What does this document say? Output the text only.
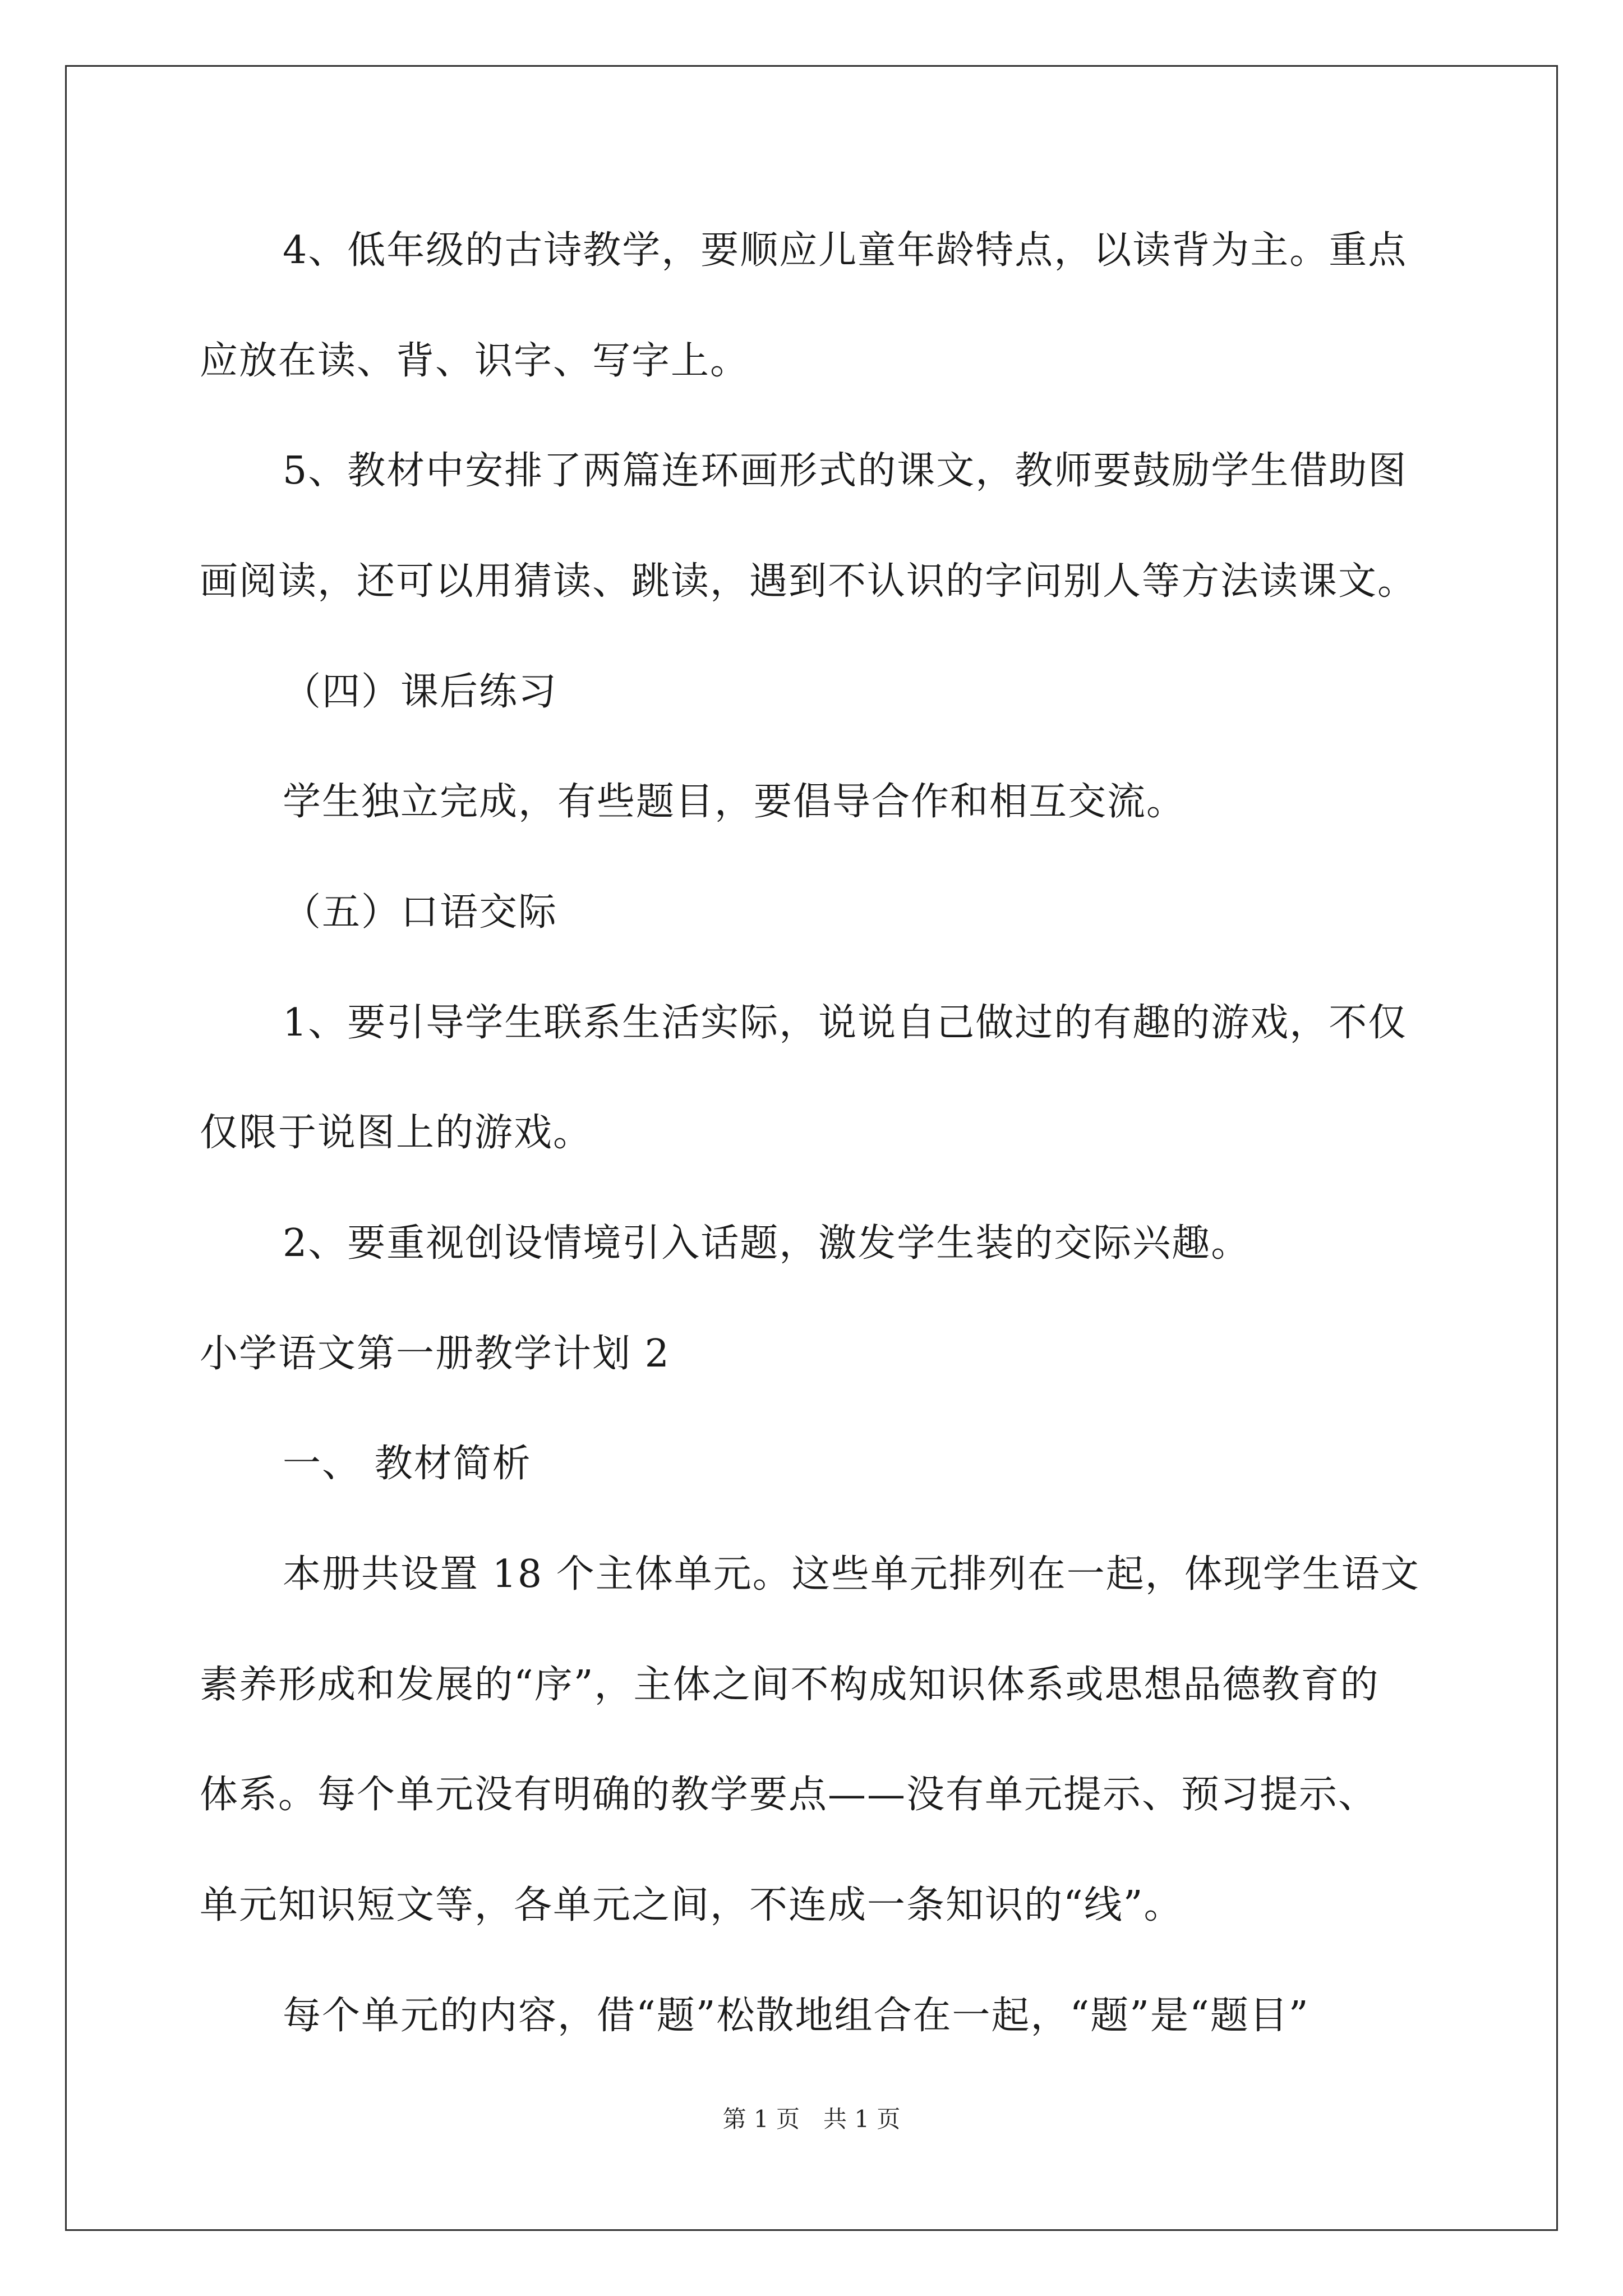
4、低年级的古诗教学，要顺应儿童年龄特点，以读背为主。重点
应放在读、背、识字、写字上。
5、教材中安排了两篇连环画形式的课文，教师要鼓励学生借助图
画阅读，还可以用猜读、跳读，遇到不认识的字问别人等方法读课文。
（四）课后练习
学生独立完成，有些题目，要倡导合作和相互交流。
（五）口语交际
1、要引导学生联系生活实际，说说自己做过的有趣的游戏，不仅
仅限于说图上的游戏。
2、要重视创设情境引入话题，激发学生装的交际兴趣。
小学语文第一册教学计划 2
一、 教材简析
本册共设置 18 个主体单元。这些单元排列在一起，体现学生语文
素养形成和发展的“序”，主体之间不构成知识体系或思想品德教育的
体系。每个单元没有明确的教学要点——没有单元提示、预习提示、
单元知识短文等，各单元之间，不连成一条知识的“线”。
每个单元的内容，借“题”松散地组合在一起，“题”是“题目”
第 1 页　共 1 页
